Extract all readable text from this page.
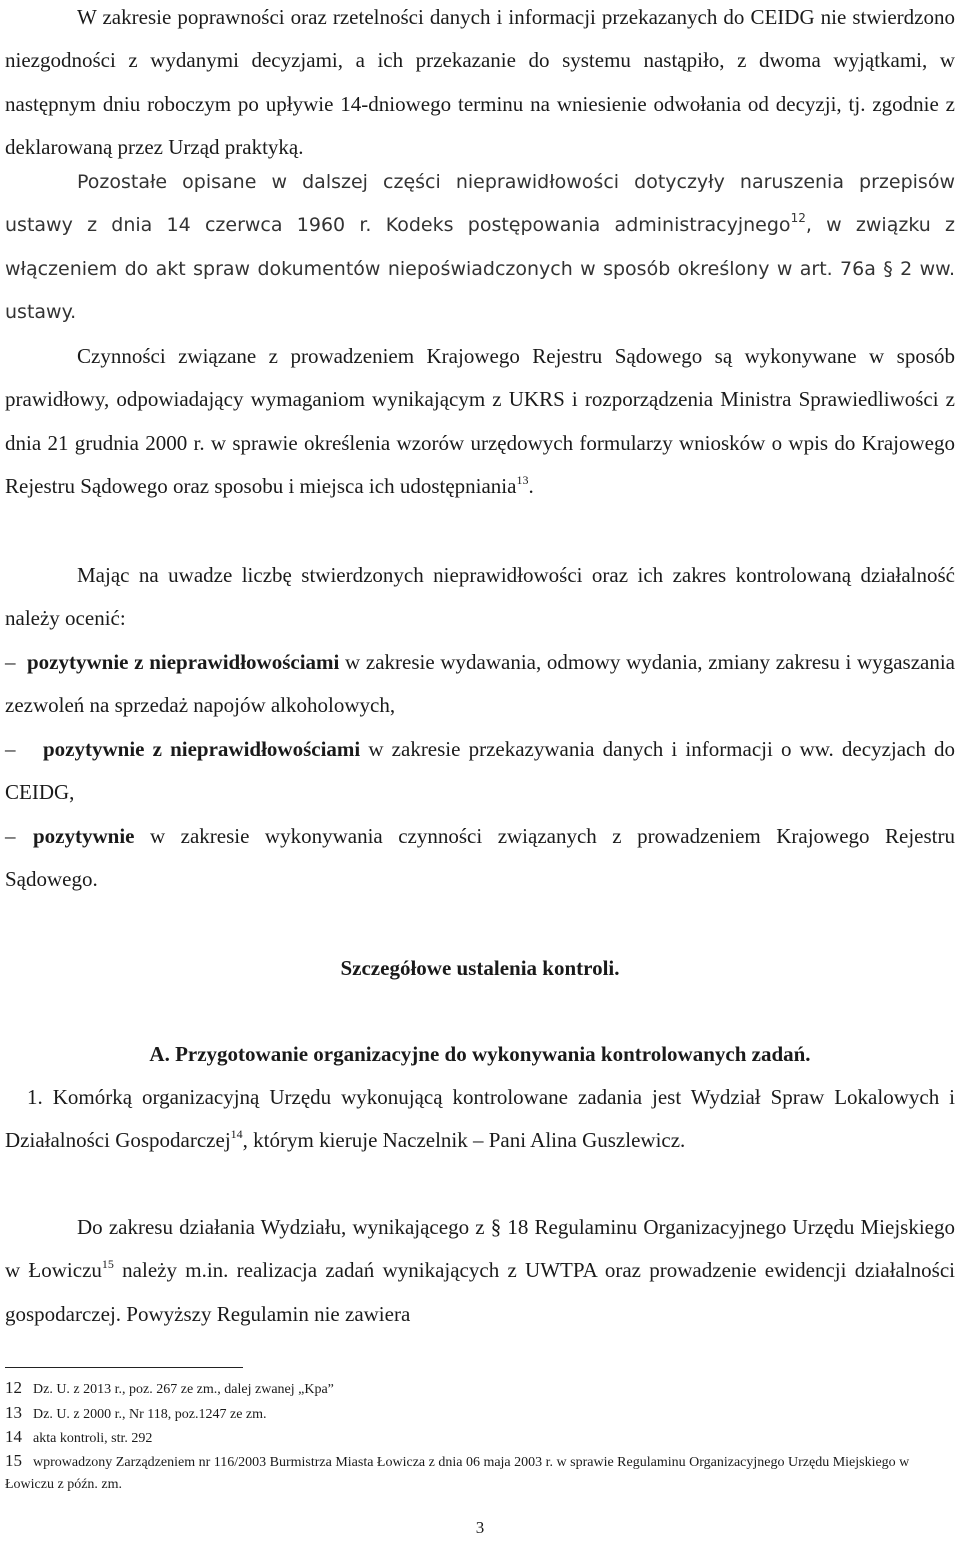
W zakresie poprawności oraz rzetelności danych i informacji przekazanych do CEIDG nie stwierdzono niezgodności z wydanymi decyzjami, a ich przekazanie do systemu nastąpiło, z dwoma wyjątkami, w następnym dniu roboczym po upływie 14-dniowego terminu na wniesienie odwołania od decyzji, tj. zgodnie z deklarowaną przez Urząd praktyką.

Pozostałe opisane w dalszej części nieprawidłowości dotyczyły naruszenia przepisów ustawy z dnia 14 czerwca 1960 r. Kodeks postępowania administracyjnego$^{12}$, w związku z włączeniem do akt spraw dokumentów niepoświadczonych w sposób określony w art. 76a § 2 ww. ustawy.

Czynności związane z prowadzeniem Krajowego Rejestru Sądowego są wykonywane w sposób prawidłowy, odpowiadający wymaganiom wynikającym z UKRS i rozporządzenia Ministra Sprawiedliwości z dnia 21 grudnia 2000 r. w sprawie określenia wzorów urzędowych formularzy wniosków o wpis do Krajowego Rejestru Sądowego oraz sposobu i miejsca ich udostępniania$^{13}$.

Mając na uwadze liczbę stwierdzonych nieprawidłowości oraz ich zakres kontrolowaną działalność należy ocenić:

– pozytywnie z nieprawidłowościami w zakresie wydawania, odmowy wydania, zmiany zakresu i wygaszania zezwoleń na sprzedaż napojów alkoholowych,

– pozytywnie z nieprawidłowościami w zakresie przekazywania danych i informacji o ww. decyzjach do CEIDG,

– pozytywnie w zakresie wykonywania czynności związanych z prowadzeniem Krajowego Rejestru Sądowego.

Szczegółowe ustalenia kontroli.

A. Przygotowanie organizacyjne do wykonywania kontrolowanych zadań.

1. Komórką organizacyjną Urzędu wykonującą kontrolowane zadania jest Wydział Spraw Lokalowych i Działalności Gospodarczej$^{14}$, którym kieruje Naczelnik – Pani Alina Guszlewicz.

Do zakresu działania Wydziału, wynikającego z § 18 Regulaminu Organizacyjnego Urzędu Miejskiego w Łowiczu$^{15}$ należy m.in. realizacja zadań wynikających z UWTPA oraz prowadzenie ewidencji działalności gospodarczej. Powyższy Regulamin nie zawiera

12 Dz. U. z 2013 r., poz. 267 ze zm., dalej zwanej „Kpa”

13 Dz. U. z 2000 r., Nr 118, poz.1247 ze zm.

14 akta kontroli, str. 292

15 wprowadzony Zarządzeniem nr 116/2003 Burmistrza Miasta Łowicza z dnia 06 maja 2003 r. w sprawie Regulaminu Organizacyjnego Urzędu Miejskiego w Łowiczu z późn. zm.

3
